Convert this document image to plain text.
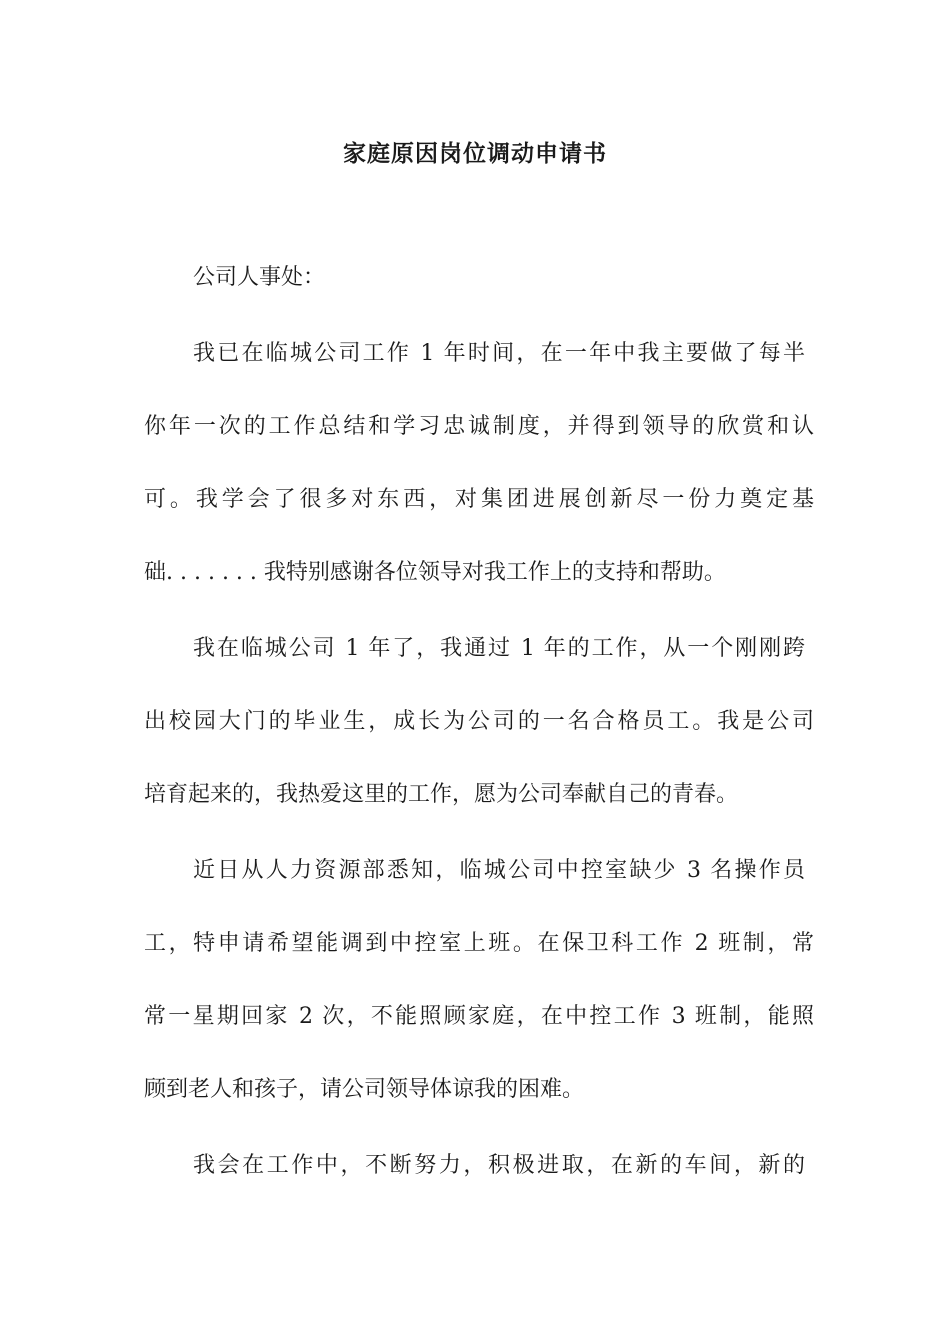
家庭原因岗位调动申请书
公司人事处：
我已在临城公司工作 1 年时间，在一年中我主要做了每半
你年一次的工作总结和学习忠诚制度，并得到领导的欣赏和认
可。我学会了很多对东西，对集团进展创新尽一份力奠定基
础. . . . . . . 我特别感谢各位领导对我工作上的支持和帮助。
我在临城公司 1 年了，我通过 1 年的工作，从一个刚刚跨
出校园大门的毕业生，成长为公司的一名合格员工。我是公司
培育起来的，我热爱这里的工作，愿为公司奉献自己的青春。
近日从人力资源部悉知，临城公司中控室缺少 3 名操作员
工，特申请希望能调到中控室上班。在保卫科工作 2 班制，常
常一星期回家 2 次，不能照顾家庭，在中控工作 3 班制，能照
顾到老人和孩子，请公司领导体谅我的困难。
我会在工作中，不断努力，积极进取，在新的车间，新的
